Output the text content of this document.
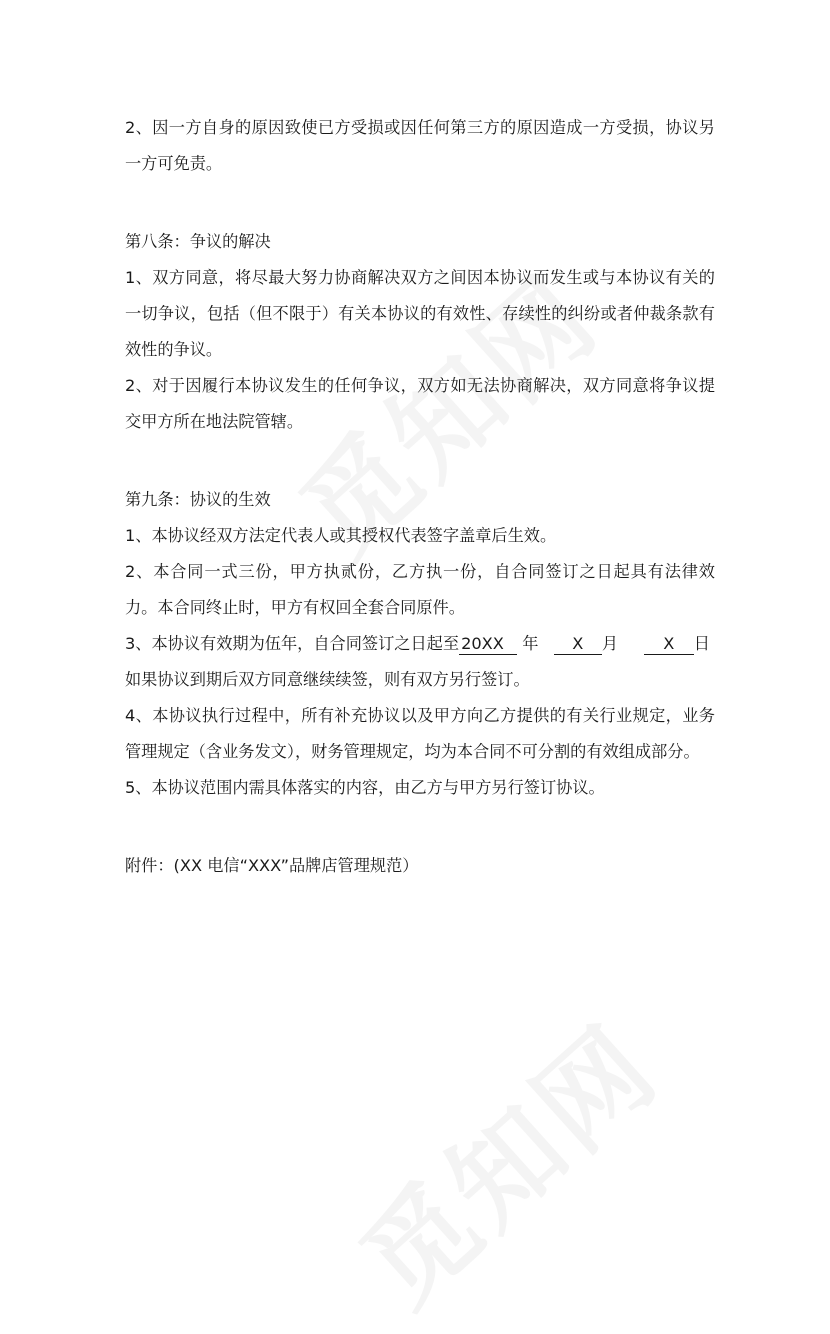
2、因一方自身的原因致使已方受损或因任何第三方的原因造成一方受损，协议另一方可免责。

第八条：争议的解决

1、双方同意，将尽最大努力协商解决双方之间因本协议而发生或与本协议有关的一切争议，包括（但不限于）有关本协议的有效性、存续性的纠纷或者仲裁条款有效性的争议。

2、对于因履行本协议发生的任何争议，双方如无法协商解决，双方同意将争议提交甲方所在地法院管辖。

第九条：协议的生效

1、本协议经双方法定代表人或其授权代表签字盖章后生效。

2、本合同一式三份，甲方执贰份，乙方执一份，自合同签订之日起具有法律效力。本合同终止时，甲方有权回全套合同原件。

3、本协议有效期为伍年，自合同签订之日起至 20XX 年 X 月	X 日
如果协议到期后双方同意继续续签，则有双方另行签订。

4、本协议执行过程中，所有补充协议以及甲方向乙方提供的有关行业规定，业务管理规定（含业务发文），财务管理规定，均为本合同不可分割的有效组成部分。

5、本协议范围内需具体落实的内容，由乙方与甲方另行签订协议。

附件：(XX 电信“XXX”品牌店管理规范）
